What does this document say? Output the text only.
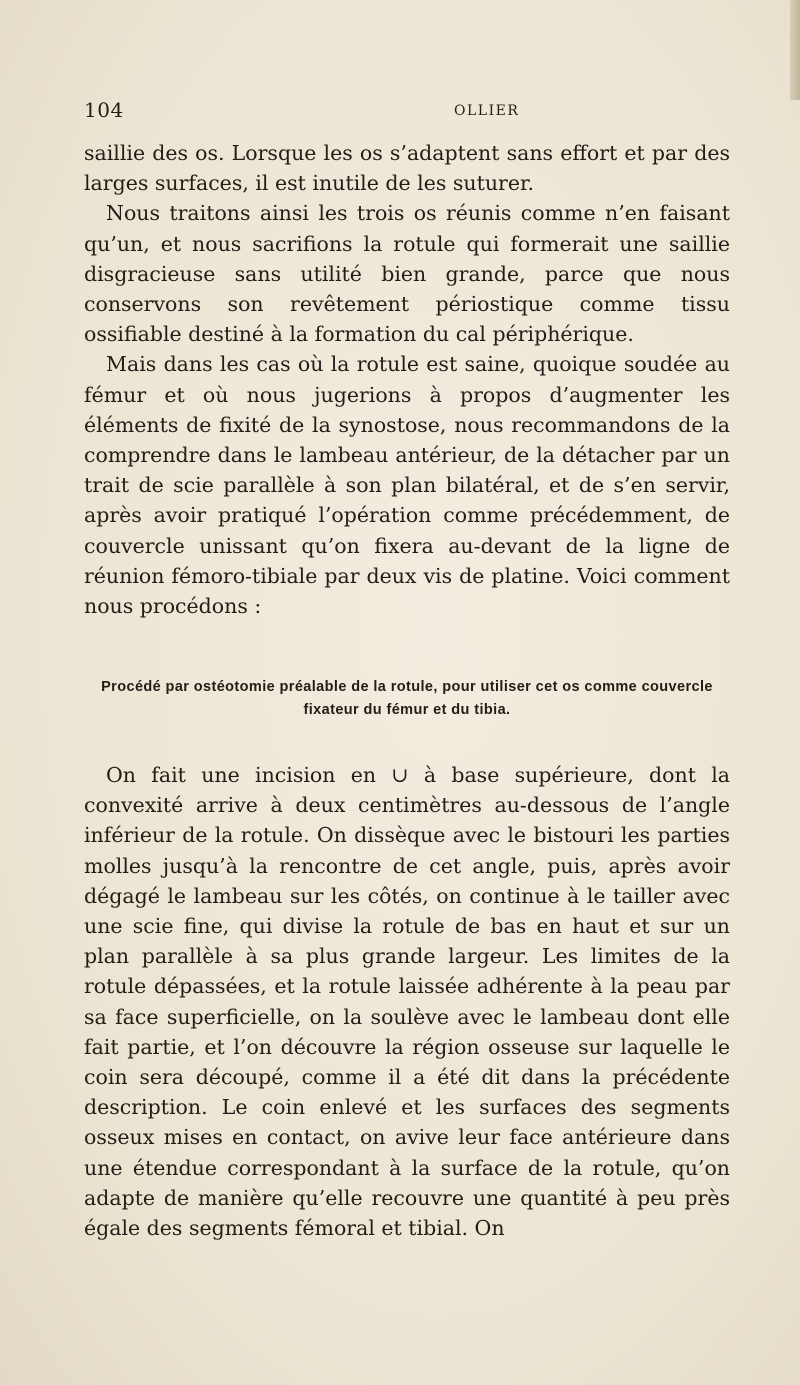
104	OLLIER

saillie des os. Lorsque les os s’adaptent sans effort et par des larges surfaces, il est inutile de les suturer.

Nous traitons ainsi les trois os réunis comme n’en faisant qu’un, et nous sacrifions la rotule qui formerait une saillie disgracieuse sans utilité bien grande, parce que nous conservons son revêtement périostique comme tissu ossifiable destiné à la formation du cal périphérique.

Mais dans les cas où la rotule est saine, quoique soudée au fémur et où nous jugerions à propos d’augmenter les éléments de fixité de la synostose, nous recommandons de la comprendre dans le lambeau antérieur, de la détacher par un trait de scie parallèle à son plan bilatéral, et de s’en servir, après avoir pratiqué l’opération comme précédemment, de couvercle unissant qu’on fixera au-devant de la ligne de réunion fémoro-tibiale par deux vis de platine. Voici comment nous procédons :

Procédé par ostéotomie préalable de la rotule, pour utiliser cet os comme couvercle fixateur du fémur et du tibia.

On fait une incision en ∪ à base supérieure, dont la convexité arrive à deux centimètres au-dessous de l’angle inférieur de la rotule. On dissèque avec le bistouri les parties molles jusqu’à la rencontre de cet angle, puis, après avoir dégagé le lambeau sur les côtés, on continue à le tailler avec une scie fine, qui divise la rotule de bas en haut et sur un plan parallèle à sa plus grande largeur. Les limites de la rotule dépassées, et la rotule laissée adhérente à la peau par sa face superficielle, on la soulève avec le lambeau dont elle fait partie, et l’on découvre la région osseuse sur laquelle le coin sera découpé, comme il a été dit dans la précédente description. Le coin enlevé et les surfaces des segments osseux mises en contact, on avive leur face antérieure dans une étendue correspondant à la surface de la rotule, qu’on adapte de manière qu’elle recouvre une quantité à peu près égale des segments fémoral et tibial. On
